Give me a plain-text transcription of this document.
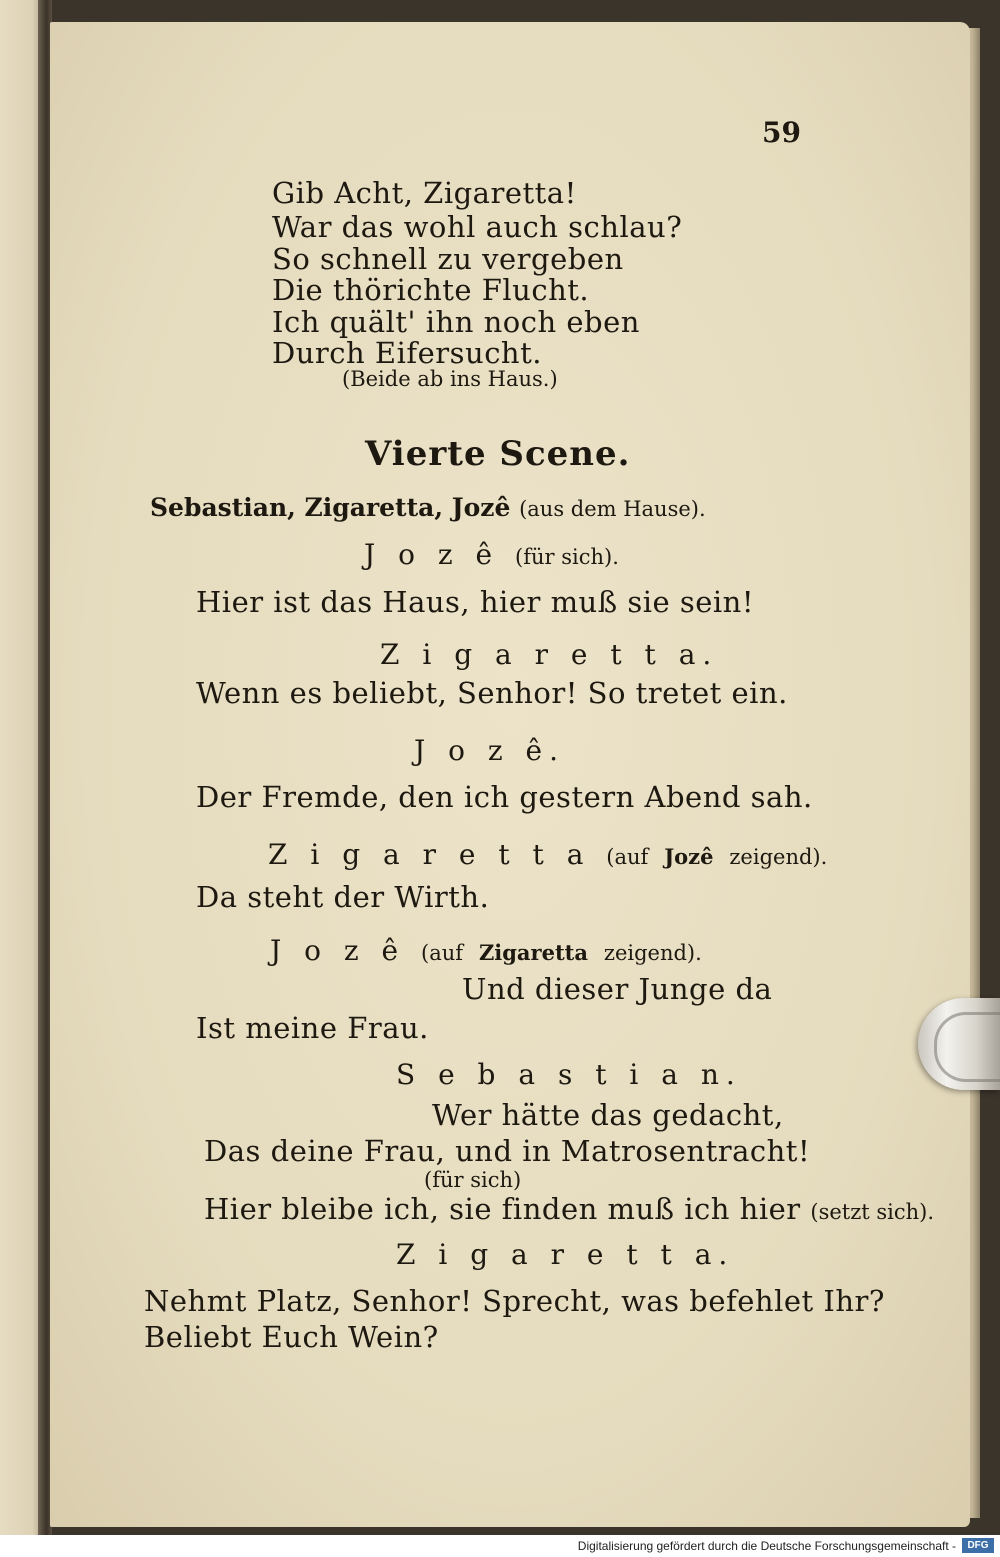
59
Gib Acht, Zigaretta!
War das wohl auch schlau?
So schnell zu vergeben
Die thörichte Flucht.
Ich quält' ihn noch eben
Durch Eifersucht.
(Beide ab ins Haus.)
Vierte Scene.
Sebastian, Zigaretta, Jozê (aus dem Hause).
J o z ê (für sich).
Hier ist das Haus, hier muß sie sein!
Z i g a r e t t a.
Wenn es beliebt, Senhor! So tretet ein.
J o z ê.
Der Fremde, den ich gestern Abend sah.
Z i g a r e t t a (auf Jozê zeigend).
Da steht der Wirth.
J o z ê (auf Zigaretta zeigend).
Und dieser Junge da
Ist meine Frau.
S e b a s t i a n.
Wer hätte das gedacht,
Das deine Frau, und in Matrosentracht!
(für sich)
Hier bleibe ich, sie finden muß ich hier (setzt sich).
Z i g a r e t t a.
Nehmt Platz, Senhor! Sprecht, was befehlet Ihr?
Beliebt Euch Wein?
Digitalisierung gefördert durch die Deutsche Forschungsgemeinschaft -	DFG
